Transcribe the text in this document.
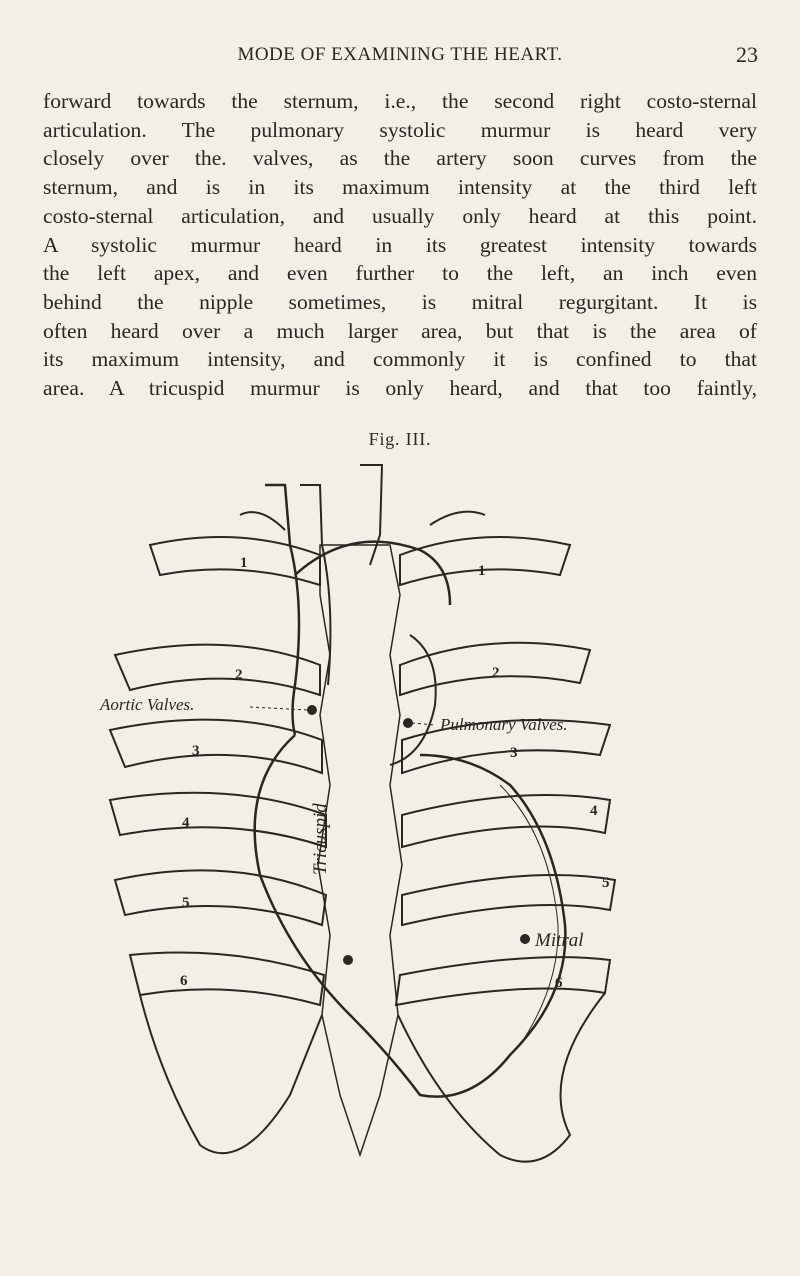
MODE OF EXAMINING THE HEART.	23
forward towards the sternum, i.e., the second right costo-sternal
articulation. The pulmonary systolic murmur is heard very
closely over the. valves, as the artery soon curves from the
sternum, and is in its maximum intensity at the third left
costo-sternal articulation, and usually only heard at this point.
A systolic murmur heard in its greatest intensity towards
the left apex, and even further to the left, an inch even
behind the nipple sometimes, is mitral regurgitant. It is
often heard over a much larger area, but that is the area of
its maximum intensity, and commonly it is confined to that
area. A tricuspid murmur is only heard, and that too faintly,
Fig. III.
Aortic Valves.
Pulmonary Valves.
Tricuspid
Mitral
1	1
2	2
3	3
4
4
5
5
6	6
